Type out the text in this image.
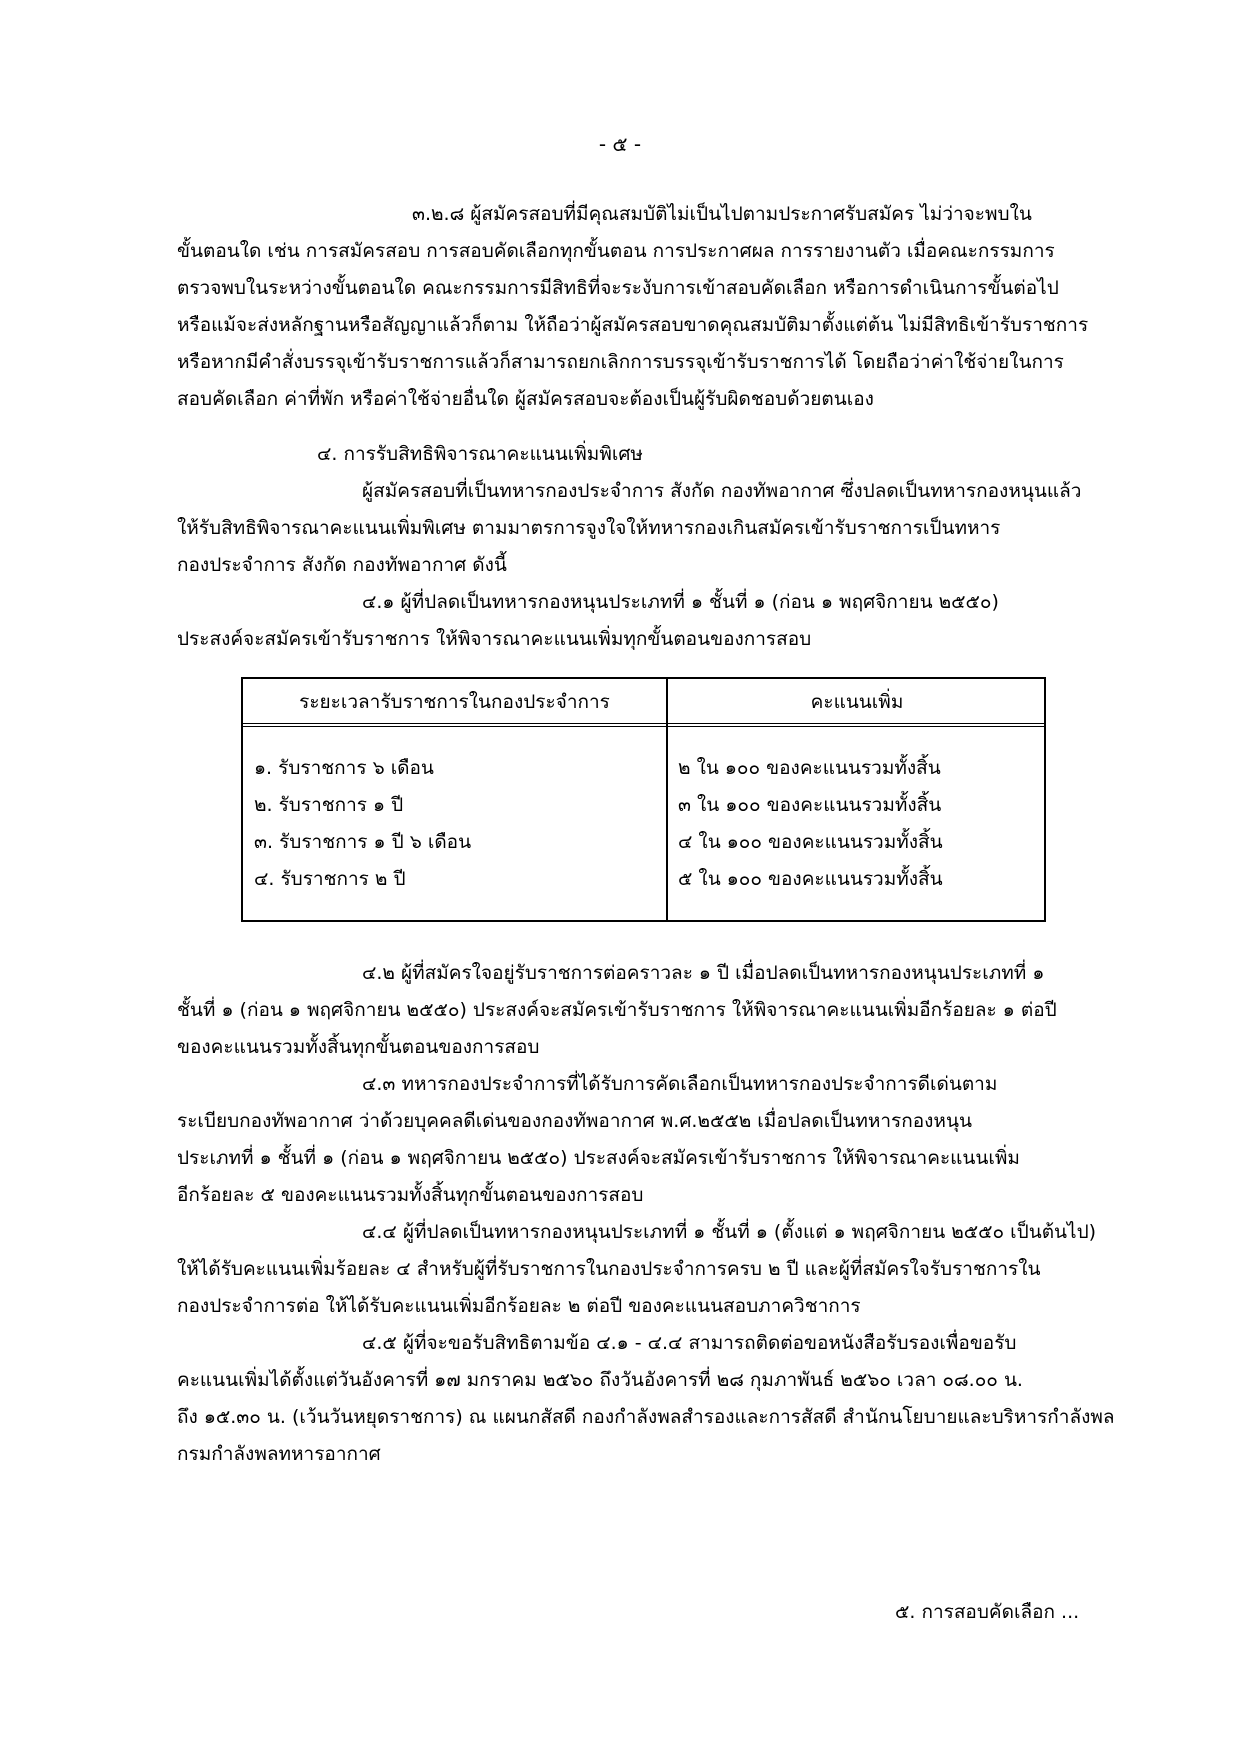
- ๕ -
๓.๒.๘ ผู้สมัครสอบที่มีคุณสมบัติไม่เป็นไปตามประกาศรับสมัคร ไม่ว่าจะพบใน
ขั้นตอนใด เช่น การสมัครสอบ การสอบคัดเลือกทุกขั้นตอน การประกาศผล การรายงานตัว เมื่อคณะกรรมการ
ตรวจพบในระหว่างขั้นตอนใด คณะกรรมการมีสิทธิที่จะระงับการเข้าสอบคัดเลือก หรือการดำเนินการขั้นต่อไป
หรือแม้จะส่งหลักฐานหรือสัญญาแล้วก็ตาม ให้ถือว่าผู้สมัครสอบขาดคุณสมบัติมาตั้งแต่ต้น ไม่มีสิทธิเข้ารับราชการ
หรือหากมีคำสั่งบรรจุเข้ารับราชการแล้วก็สามารถยกเลิกการบรรจุเข้ารับราชการได้ โดยถือว่าค่าใช้จ่ายในการ
สอบคัดเลือก ค่าที่พัก หรือค่าใช้จ่ายอื่นใด ผู้สมัครสอบจะต้องเป็นผู้รับผิดชอบด้วยตนเอง
๔. การรับสิทธิพิจารณาคะแนนเพิ่มพิเศษ
ผู้สมัครสอบที่เป็นทหารกองประจำการ สังกัด กองทัพอากาศ ซึ่งปลดเป็นทหารกองหนุนแล้ว
ให้รับสิทธิพิจารณาคะแนนเพิ่มพิเศษ ตามมาตรการจูงใจให้ทหารกองเกินสมัครเข้ารับราชการเป็นทหาร
กองประจำการ สังกัด กองทัพอากาศ ดังนี้
๔.๑ ผู้ที่ปลดเป็นทหารกองหนุนประเภทที่ ๑ ชั้นที่ ๑ (ก่อน ๑ พฤศจิกายน ๒๕๕๐)
ประสงค์จะสมัครเข้ารับราชการ ให้พิจารณาคะแนนเพิ่มทุกขั้นตอนของการสอบ
ระยะเวลารับราชการในกองประจำการ	คะแนนเพิ่ม
๑. รับราชการ ๖ เดือน
๒. รับราชการ ๑ ปี
๓. รับราชการ ๑ ปี ๖ เดือน
๔. รับราชการ ๒ ปี
๒ ใน ๑๐๐ ของคะแนนรวมทั้งสิ้น
๓ ใน ๑๐๐ ของคะแนนรวมทั้งสิ้น
๔ ใน ๑๐๐ ของคะแนนรวมทั้งสิ้น
๕ ใน ๑๐๐ ของคะแนนรวมทั้งสิ้น
๔.๒ ผู้ที่สมัครใจอยู่รับราชการต่อคราวละ ๑ ปี เมื่อปลดเป็นทหารกองหนุนประเภทที่ ๑
ชั้นที่ ๑ (ก่อน ๑ พฤศจิกายน ๒๕๕๐) ประสงค์จะสมัครเข้ารับราชการ ให้พิจารณาคะแนนเพิ่มอีกร้อยละ ๑ ต่อปี
ของคะแนนรวมทั้งสิ้นทุกขั้นตอนของการสอบ
๔.๓ ทหารกองประจำการที่ได้รับการคัดเลือกเป็นทหารกองประจำการดีเด่นตาม
ระเบียบกองทัพอากาศ ว่าด้วยบุคคลดีเด่นของกองทัพอากาศ พ.ศ.๒๕๕๒ เมื่อปลดเป็นทหารกองหนุน
ประเภทที่ ๑ ชั้นที่ ๑ (ก่อน ๑ พฤศจิกายน ๒๕๕๐) ประสงค์จะสมัครเข้ารับราชการ ให้พิจารณาคะแนนเพิ่ม
อีกร้อยละ ๕ ของคะแนนรวมทั้งสิ้นทุกขั้นตอนของการสอบ
๔.๔ ผู้ที่ปลดเป็นทหารกองหนุนประเภทที่ ๑ ชั้นที่ ๑ (ตั้งแต่ ๑ พฤศจิกายน ๒๕๕๐ เป็นต้นไป)
ให้ได้รับคะแนนเพิ่มร้อยละ ๔ สำหรับผู้ที่รับราชการในกองประจำการครบ ๒ ปี และผู้ที่สมัครใจรับราชการใน
กองประจำการต่อ ให้ได้รับคะแนนเพิ่มอีกร้อยละ ๒ ต่อปี ของคะแนนสอบภาควิชาการ
๔.๕ ผู้ที่จะขอรับสิทธิตามข้อ ๔.๑ - ๔.๔ สามารถติดต่อขอหนังสือรับรองเพื่อขอรับ
คะแนนเพิ่มได้ตั้งแต่วันอังคารที่ ๑๗ มกราคม ๒๕๖๐ ถึงวันอังคารที่ ๒๘ กุมภาพันธ์ ๒๕๖๐ เวลา ๐๘.๐๐ น.
ถึง ๑๕.๓๐ น. (เว้นวันหยุดราชการ) ณ แผนกสัสดี กองกำลังพลสำรองและการสัสดี สำนักนโยบายและบริหารกำลังพล
กรมกำลังพลทหารอากาศ
๕. การสอบคัดเลือก ...
